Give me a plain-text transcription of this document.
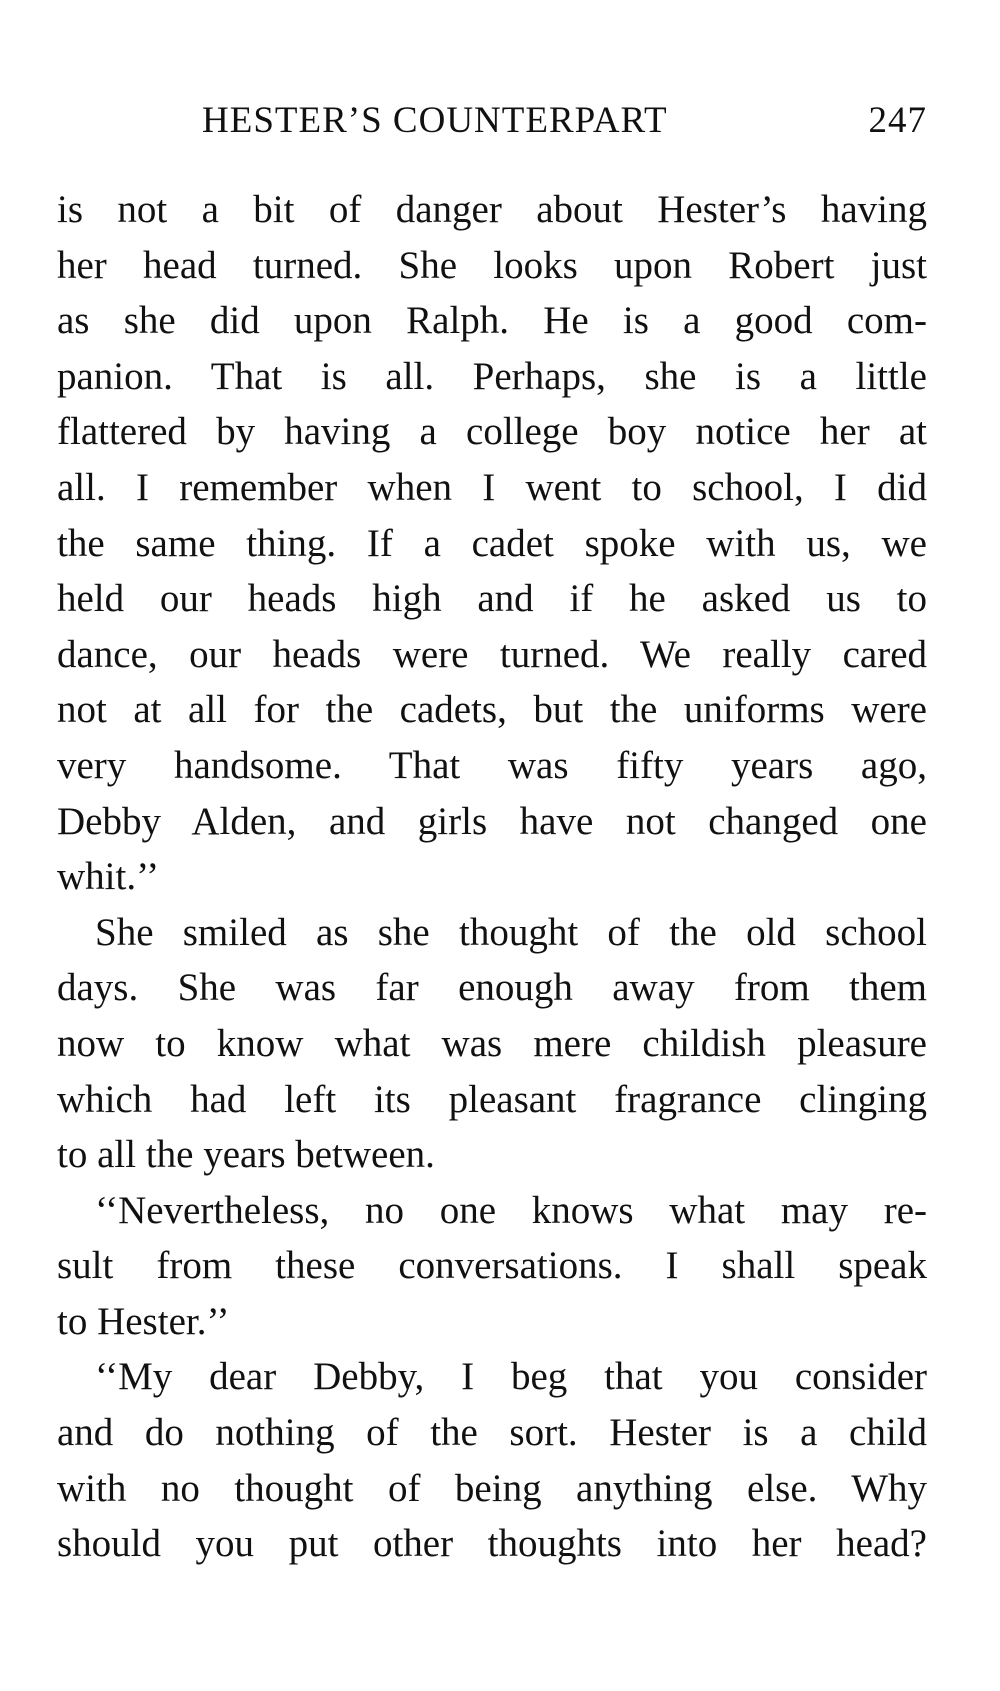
HESTER’S COUNTERPART	247
is not a bit of danger about Hester’s having
her head turned. She looks upon Robert just
as she did upon Ralph. He is a good com-
panion. That is all. Perhaps, she is a little
flattered by having a college boy notice her at
all. I remember when I went to school, I did
the same thing. If a cadet spoke with us, we
held our heads high and if he asked us to
dance, our heads were turned. We really cared
not at all for the cadets, but the uniforms were
very handsome. That was fifty years ago,
Debby Alden, and girls have not changed one
whit.’’
She smiled as she thought of the old school
days. She was far enough away from them
now to know what was mere childish pleasure
which had left its pleasant fragrance clinging
to all the years between.
‘‘Nevertheless, no one knows what may re-
sult from these conversations. I shall speak
to Hester.’’
‘‘My dear Debby, I beg that you consider
and do nothing of the sort. Hester is a child
with no thought of being anything else. Why
should you put other thoughts into her head?
